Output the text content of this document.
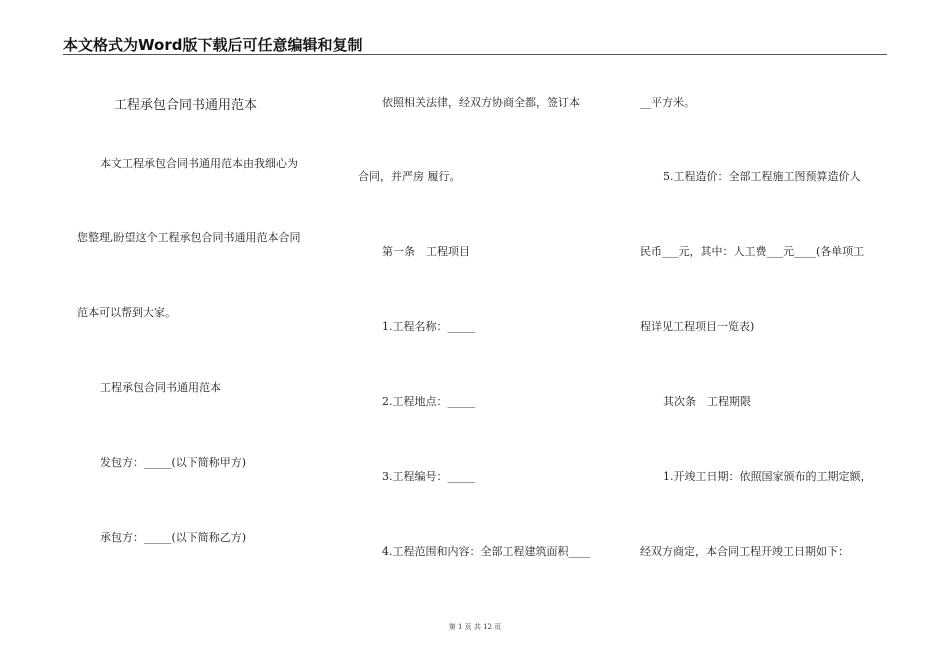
本文格式为Word版下载后可任意编辑和复制
工程承包合同书通用范本
本文工程承包合同书通用范本由我细心为
您整理,盼望这个工程承包合同书通用范本合同
范本可以帮到大家。
工程承包合同书通用范本
发包方：_____(以下简称甲方)
承包方：_____(以下简称乙方)
依照相关法律，经双方协商全都，签订本
合同，并严房 履行。
第一条　工程项目
1.工程名称：_____
2.工程地点：_____
3.工程编号：_____
4.工程范围和内容：全部工程建筑面积____
__平方米。
5.工程造价：全部工程施工图预算造价人
民币___元，其中：人工费___元____(各单项工
程详见工程项目一览表)
其次条　工程期限
1.开竣工日期：依照国家颁布的工期定额，
经双方商定，本合同工程开竣工日期如下：
第 1 页 共 12 页
